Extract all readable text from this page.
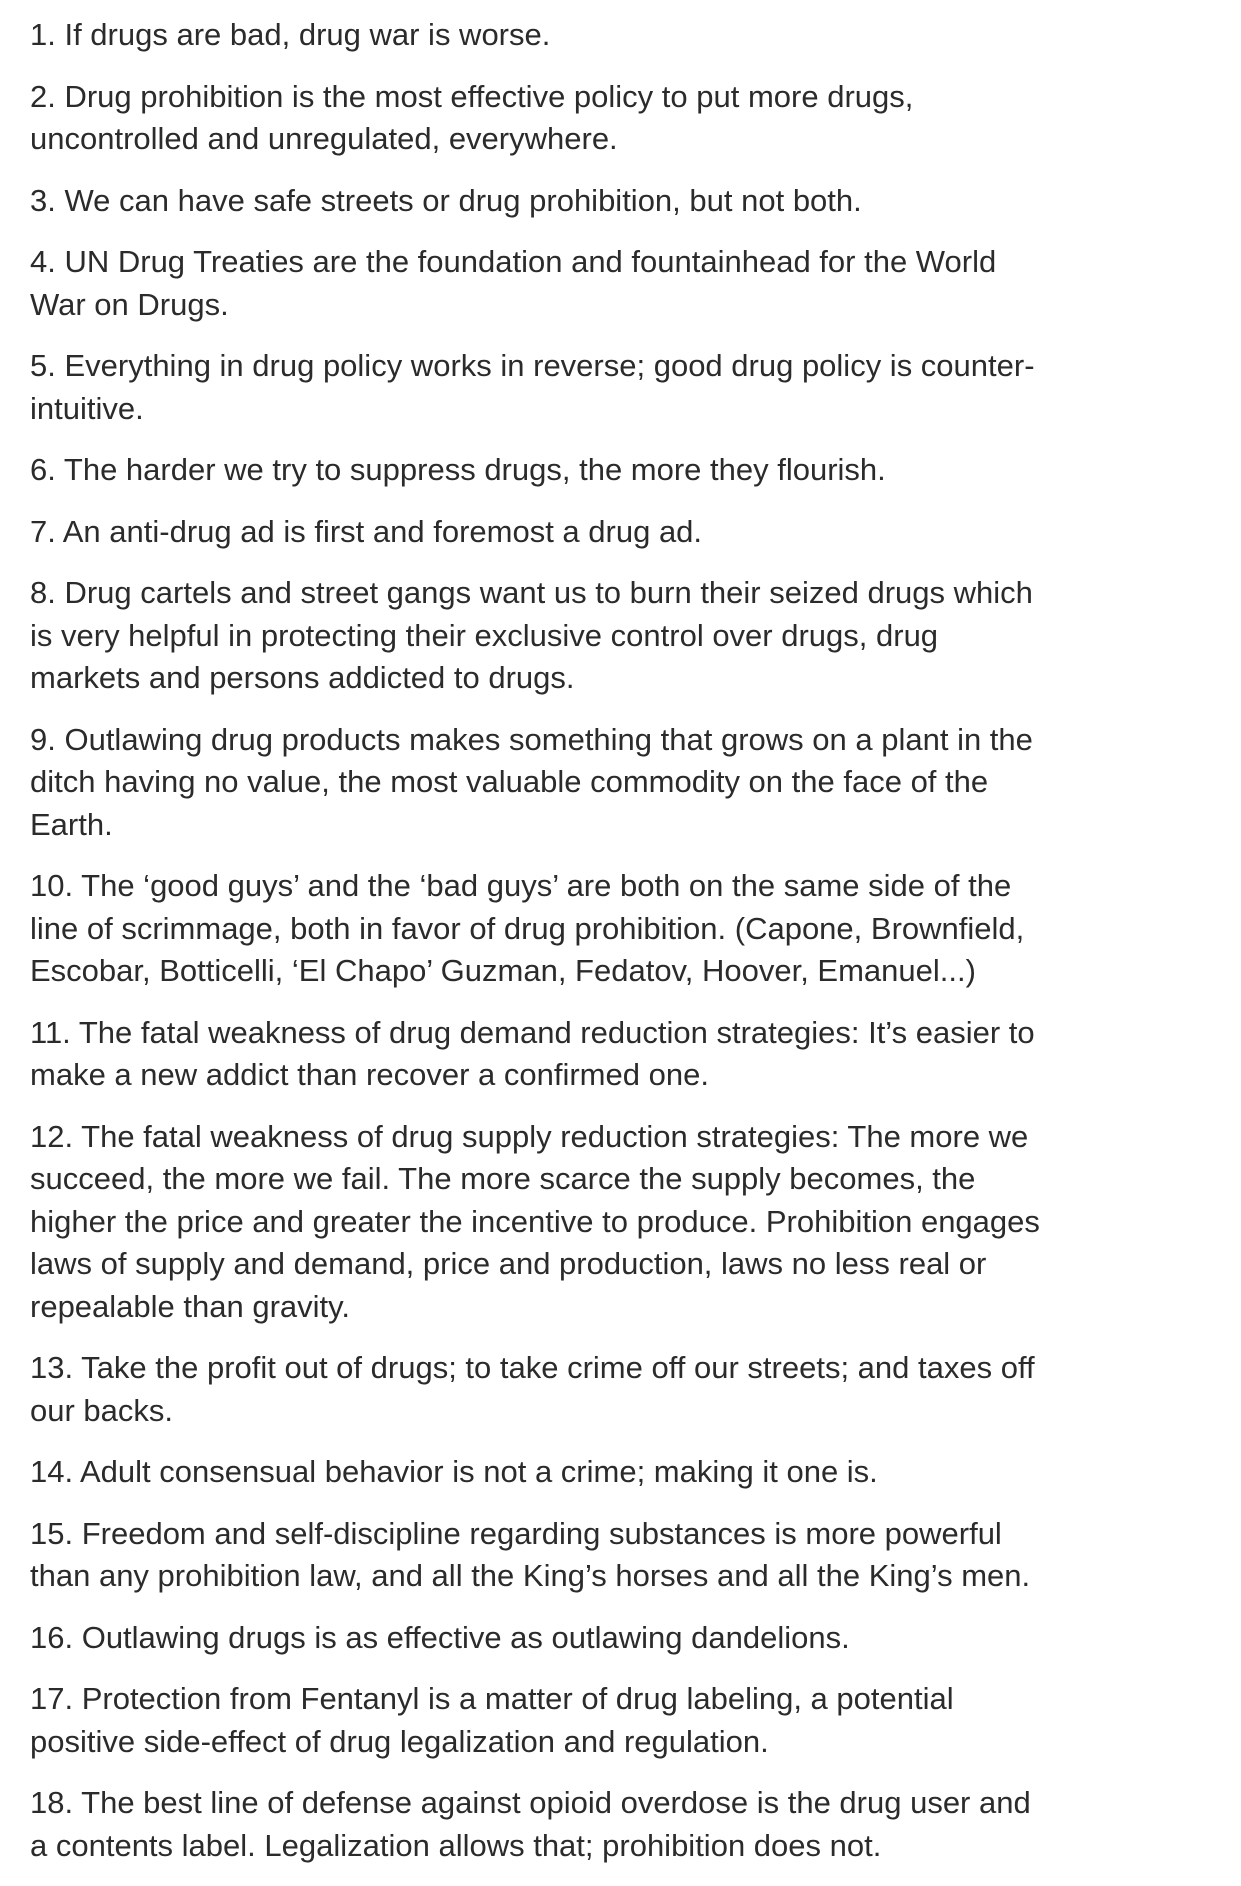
1. If drugs are bad, drug war is worse.
2. Drug prohibition is the most effective policy to put more drugs,
uncontrolled and unregulated, everywhere.
3. We can have safe streets or drug prohibition, but not both.
4. UN Drug Treaties are the foundation and fountainhead for the World
War on Drugs.
5. Everything in drug policy works in reverse; good drug policy is counter-
intuitive.
6. The harder we try to suppress drugs, the more they flourish.
7. An anti-drug ad is first and foremost a drug ad.
8. Drug cartels and street gangs want us to burn their seized drugs which
is very helpful in protecting their exclusive control over drugs, drug
markets and persons addicted to drugs.
9. Outlawing drug products makes something that grows on a plant in the
ditch having no value, the most valuable commodity on the face of the
Earth.
10. The ‘good guys’ and the ‘bad guys’ are both on the same side of the
line of scrimmage, both in favor of drug prohibition. (Capone, Brownfield,
Escobar, Botticelli, ‘El Chapo’ Guzman, Fedatov, Hoover, Emanuel...)
11. The fatal weakness of drug demand reduction strategies: It’s easier to
make a new addict than recover a confirmed one.
12. The fatal weakness of drug supply reduction strategies: The more we
succeed, the more we fail. The more scarce the supply becomes, the
higher the price and greater the incentive to produce. Prohibition engages
laws of supply and demand, price and production, laws no less real or
repealable than gravity.
13. Take the profit out of drugs; to take crime off our streets; and taxes off
our backs.
14. Adult consensual behavior is not a crime; making it one is.
15. Freedom and self-discipline regarding substances is more powerful
than any prohibition law, and all the King’s horses and all the King’s men.
16. Outlawing drugs is as effective as outlawing dandelions.
17. Protection from Fentanyl is a matter of drug labeling, a potential
positive side-effect of drug legalization and regulation.
18. The best line of defense against opioid overdose is the drug user and
a contents label. Legalization allows that; prohibition does not.
